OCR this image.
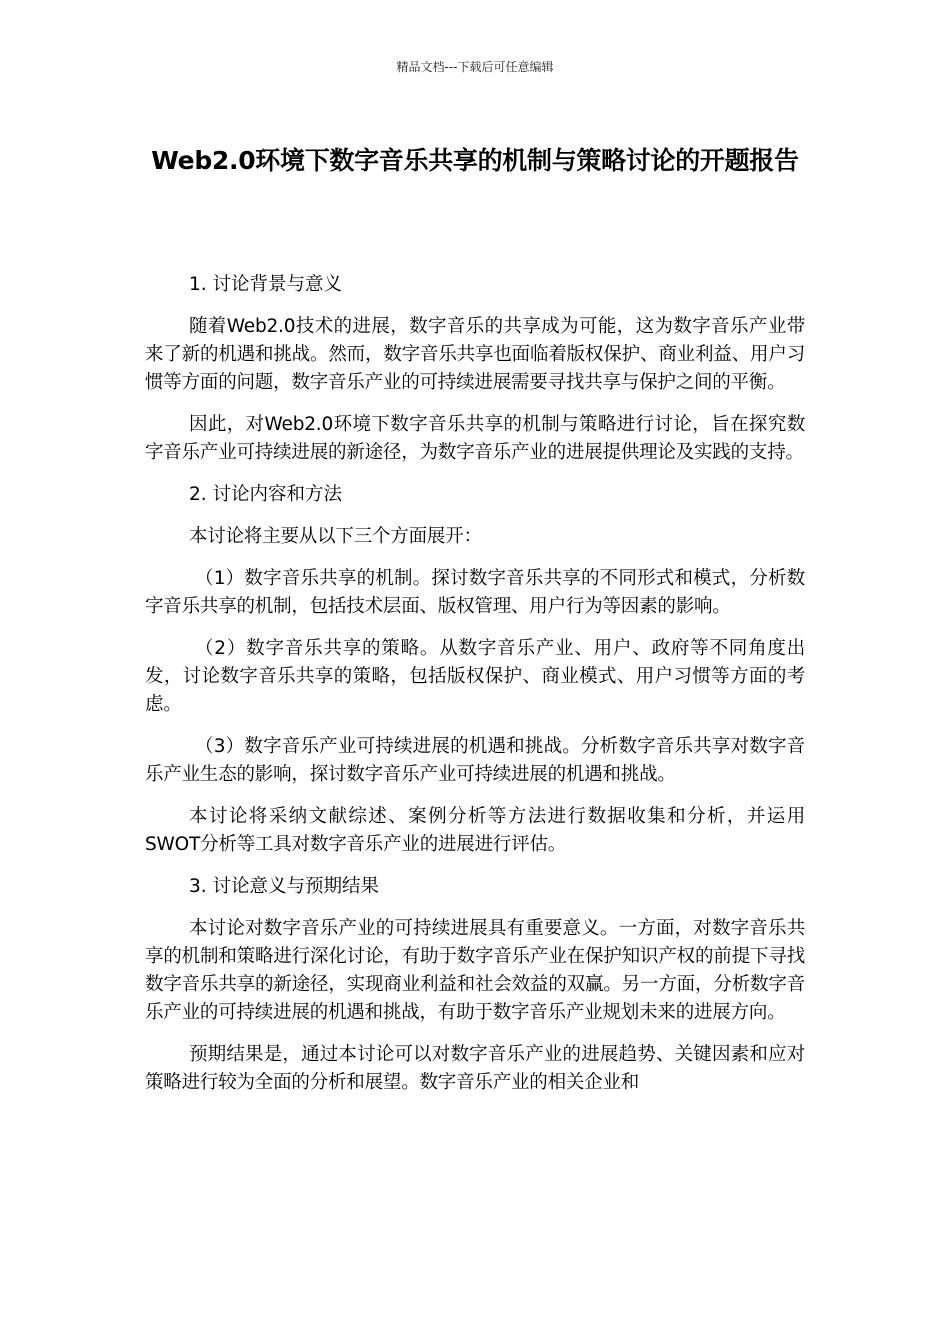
精品文档---下载后可任意编辑
Web2.0环境下数字音乐共享的机制与策略讨论的开题报告

1. 讨论背景与意义

随着Web2.0技术的进展，数字音乐的共享成为可能，这为数字音乐产业带来了新的机遇和挑战。然而，数字音乐共享也面临着版权保护、商业利益、用户习惯等方面的问题，数字音乐产业的可持续进展需要寻找共享与保护之间的平衡。

因此，对Web2.0环境下数字音乐共享的机制与策略进行讨论，旨在探究数字音乐产业可持续进展的新途径，为数字音乐产业的进展提供理论及实践的支持。

2. 讨论内容和方法

本讨论将主要从以下三个方面展开：

（1）数字音乐共享的机制。探讨数字音乐共享的不同形式和模式，分析数字音乐共享的机制，包括技术层面、版权管理、用户行为等因素的影响。

（2）数字音乐共享的策略。从数字音乐产业、用户、政府等不同角度出发，讨论数字音乐共享的策略，包括版权保护、商业模式、用户习惯等方面的考虑。

（3）数字音乐产业可持续进展的机遇和挑战。分析数字音乐共享对数字音乐产业生态的影响，探讨数字音乐产业可持续进展的机遇和挑战。

本讨论将采纳文献综述、案例分析等方法进行数据收集和分析，并运用SWOT分析等工具对数字音乐产业的进展进行评估。

3. 讨论意义与预期结果

本讨论对数字音乐产业的可持续进展具有重要意义。一方面，对数字音乐共享的机制和策略进行深化讨论，有助于数字音乐产业在保护知识产权的前提下寻找数字音乐共享的新途径，实现商业利益和社会效益的双赢。另一方面，分析数字音乐产业的可持续进展的机遇和挑战，有助于数字音乐产业规划未来的进展方向。

预期结果是，通过本讨论可以对数字音乐产业的进展趋势、关键因素和应对策略进行较为全面的分析和展望。数字音乐产业的相关企业和
